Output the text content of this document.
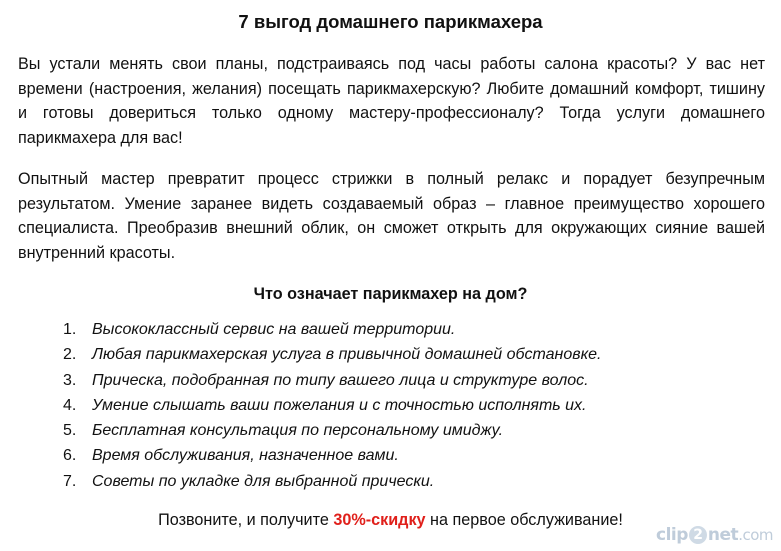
7 выгод домашнего парикмахера

Вы устали менять свои планы, подстраиваясь под часы работы салона красоты? У вас нет времени (настроения, желания) посещать парикмахерскую? Любите домашний комфорт, тишину и готовы довериться только одному мастеру-профессионалу? Тогда услуги домашнего парикмахера для вас!

Опытный мастер превратит процесс стрижки в полный релакс и порадует безупречным результатом. Умение заранее видеть создаваемый образ – главное преимущество хорошего специалиста. Преобразив внешний облик, он сможет открыть для окружающих сияние вашей внутренний красоты.

Что означает парикмахер на дом?
1. Высококлассный сервис на вашей территории.
2. Любая парикмахерская услуга в привычной домашней обстановке.
3. Прическа, подобранная по типу вашего лица и структуре волос.
4. Умение слышать ваши пожелания и с точностью исполнять их.
5. Бесплатная консультация по персональному имиджу.
6. Время обслуживания, назначенное вами.
7. Советы по укладке для выбранной прически.
Позвоните, и получите 30%-скидку на первое обслуживание!
clip 2 net.com
